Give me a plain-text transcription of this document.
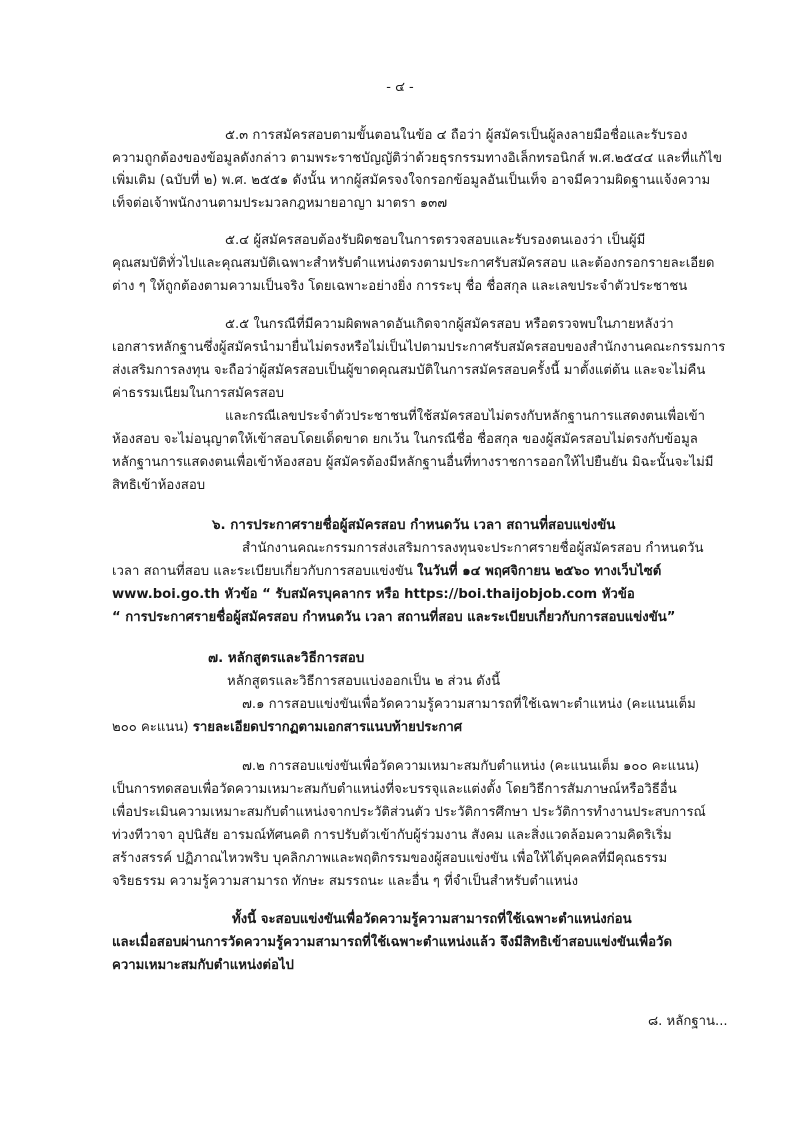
- ๔ -
๕.๓ การสมัครสอบตามขั้นตอนในข้อ ๔ ถือว่า ผู้สมัครเป็นผู้ลงลายมือชื่อและรับรอง
ความถูกต้องของข้อมูลดังกล่าว ตามพระราชบัญญัติว่าด้วยธุรกรรมทางอิเล็กทรอนิกส์ พ.ศ.๒๕๔๔ และที่แก้ไข
เพิ่มเติม (ฉบับที่ ๒) พ.ศ. ๒๕๕๑ ดังนั้น หากผู้สมัครจงใจกรอกข้อมูลอันเป็นเท็จ อาจมีความผิดฐานแจ้งความ
เท็จต่อเจ้าพนักงานตามประมวลกฎหมายอาญา มาตรา ๑๓๗
๕.๔ ผู้สมัครสอบต้องรับผิดชอบในการตรวจสอบและรับรองตนเองว่า เป็นผู้มี
คุณสมบัติทั่วไปและคุณสมบัติเฉพาะสำหรับตำแหน่งตรงตามประกาศรับสมัครสอบ และต้องกรอกรายละเอียด
ต่าง ๆ ให้ถูกต้องตามความเป็นจริง โดยเฉพาะอย่างยิ่ง การระบุ ชื่อ ชื่อสกุล และเลขประจำตัวประชาชน
๕.๕ ในกรณีที่มีความผิดพลาดอันเกิดจากผู้สมัครสอบ หรือตรวจพบในภายหลังว่า
เอกสารหลักฐานซึ่งผู้สมัครนำมายื่นไม่ตรงหรือไม่เป็นไปตามประกาศรับสมัครสอบของสำนักงานคณะกรรมการ
ส่งเสริมการลงทุน จะถือว่าผู้สมัครสอบเป็นผู้ขาดคุณสมบัติในการสมัครสอบครั้งนี้ มาตั้งแต่ต้น และจะไม่คืน
ค่าธรรมเนียมในการสมัครสอบ
และกรณีเลขประจำตัวประชาชนที่ใช้สมัครสอบไม่ตรงกับหลักฐานการแสดงตนเพื่อเข้า
ห้องสอบ จะไม่อนุญาตให้เข้าสอบโดยเด็ดขาด ยกเว้น ในกรณีชื่อ ชื่อสกุล ของผู้สมัครสอบไม่ตรงกับข้อมูล
หลักฐานการแสดงตนเพื่อเข้าห้องสอบ ผู้สมัครต้องมีหลักฐานอื่นที่ทางราชการออกให้ไปยืนยัน มิฉะนั้นจะไม่มี
สิทธิเข้าห้องสอบ
๖. การประกาศรายชื่อผู้สมัครสอบ กำหนดวัน เวลา สถานที่สอบแข่งขัน
สำนักงานคณะกรรมการส่งเสริมการลงทุนจะประกาศรายชื่อผู้สมัครสอบ กำหนดวัน
เวลา สถานที่สอบ และระเบียบเกี่ยวกับการสอบแข่งขัน ในวันที่ ๑๔ พฤศจิกายน ๒๕๖๐ ทางเว็บไซต์
www.boi.go.th หัวข้อ “ รับสมัครบุคลากร หรือ https://boi.thaijobjob.com หัวข้อ
“ การประกาศรายชื่อผู้สมัครสอบ กำหนดวัน เวลา สถานที่สอบ และระเบียบเกี่ยวกับการสอบแข่งขัน”
๗. หลักสูตรและวิธีการสอบ
หลักสูตรและวิธีการสอบแบ่งออกเป็น ๒ ส่วน ดังนี้
๗.๑ การสอบแข่งขันเพื่อวัดความรู้ความสามารถที่ใช้เฉพาะตำแหน่ง (คะแนนเต็ม
๒๐๐ คะแนน) รายละเอียดปรากฏตามเอกสารแนบท้ายประกาศ
๗.๒ การสอบแข่งขันเพื่อวัดความเหมาะสมกับตำแหน่ง (คะแนนเต็ม ๑๐๐ คะแนน)
เป็นการทดสอบเพื่อวัดความเหมาะสมกับตำแหน่งที่จะบรรจุและแต่งตั้ง โดยวิธีการสัมภาษณ์หรือวิธีอื่น
เพื่อประเมินความเหมาะสมกับตำแหน่งจากประวัติส่วนตัว ประวัติการศึกษา ประวัติการทำงานประสบการณ์
ท่วงทีวาจา อุปนิสัย อารมณ์ทัศนคติ การปรับตัวเข้ากับผู้ร่วมงาน สังคม และสิ่งแวดล้อมความคิดริเริ่ม
สร้างสรรค์ ปฏิภาณไหวพริบ บุคลิกภาพและพฤติกรรมของผู้สอบแข่งขัน เพื่อให้ได้บุคคลที่มีคุณธรรม
จริยธรรม ความรู้ความสามารถ ทักษะ สมรรถนะ และอื่น ๆ ที่จำเป็นสำหรับตำแหน่ง
ทั้งนี้ จะสอบแข่งขันเพื่อวัดความรู้ความสามารถที่ใช้เฉพาะตำแหน่งก่อน
และเมื่อสอบผ่านการวัดความรู้ความสามารถที่ใช้เฉพาะตำแหน่งแล้ว จึงมีสิทธิเข้าสอบแข่งขันเพื่อวัด
ความเหมาะสมกับตำแหน่งต่อไป
๘. หลักฐาน...
